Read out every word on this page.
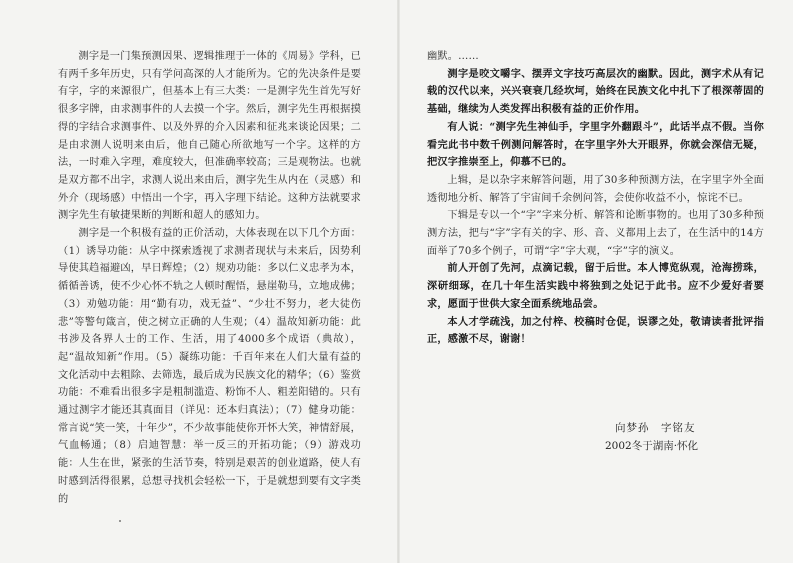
测字是一门集预测因果、逻辑推理于一体的《周易》学科，已有两千多年历史，只有学问高深的人才能所为。它的先决条件是要有字，字的来源很广，但基本上有三大类：一是测字先生首先写好很多字牌，由求测事件的人去摸一个字。然后，测字先生再根据摸得的字结合求测事件、以及外界的介入因素和征兆来谈论因果；二是由求测人说明来由后，他自己随心所欲地写一个字。这样的方法，一时难入字理，难度较大，但准确率较高；三是观物法。也就是双方都不出字，求测人说出来由后，测字先生从内在（灵感）和外介（现场感）中悟出一个字，再入字理下结论。这种方法就要求测字先生有敏捷果断的判断和超人的感知力。

测字是一个积极有益的正价活动，大体表现在以下几个方面：（1）诱导功能：从字中探索透视了求测者现状与未来后，因势利导使其趋福避凶，早日辉煌；（2）规劝功能：多以仁义忠孝为本，循循善诱，使不少心怀不轨之人顿时醒悟，悬崖勒马，立地成佛；（3）劝勉功能：用“勤有功，戏无益”、“少壮不努力，老大徒伤悲”等警句箴言，使之树立正确的人生观；（4）温故知新功能：此书涉及各界人士的工作、生活，用了4000多个成语（典故），起“温故知新”作用。（5）凝练功能：千百年来在人们大量有益的文化活动中去粗除、去筛选，最后成为民族文化的精华；（6）鉴赏功能：不难看出很多字是粗制滥造、粉饰不人、粗差阳错的。只有通过测字才能还其真面目（详见：还本归真法）；（7）健身功能：常言说“笑一笑，十年少”，不少故事能使你开怀大笑，神情舒展，气血畅通；（8）启迪智慧：举一反三的开拓功能；（9）游戏功能：人生在世，紧张的生活节奏，特别是艰苦的创业道路，使人有时感到活得很累，总想寻找机会轻松一下，于是就想到要有文字类的

幽默。……

测字是咬文嚼字、摆弄文字技巧高层次的幽默。因此，测字术从有记载的汉代以来，兴兴衰衰几经坎坷，始终在民族文化中扎下了根深蒂固的基础，继续为人类发挥出积极有益的正价作用。

有人说：“测字先生神仙手，字里字外翻跟斗”，此话半点不假。当你看完此书中数千例测问解答时，在字里字外大开眼界，你就会深信无疑，把汉字推崇至上，仰慕不已的。

上辑，是以杂字来解答问题，用了30多种预测方法，在字里字外全面透彻地分析、解答了宇宙间千余例问答，会使你收益不小，惊诧不已。

下辑是专以一个“字”字来分析、解答和论断事物的。也用了30多种预测方法，把与“字”字有关的字、形、音、义都用上去了，在生活中的14方面举了70多个例子，可谓“字”字大观，“字”字的演义。

前人开创了先河，点滴记载，留于后世。本人博览纵观，沧海捞珠，深研细琢，在几十年生活实践中将独到之处记于此书。应不少爱好者要求，愿面于世供大家全面系统地品尝。

本人才学疏浅，加之付梓、校稿时仓促，误谬之处，敬请读者批评指正，感激不尽，谢谢！

向梦孙　字铭友
2002冬于湖南·怀化
